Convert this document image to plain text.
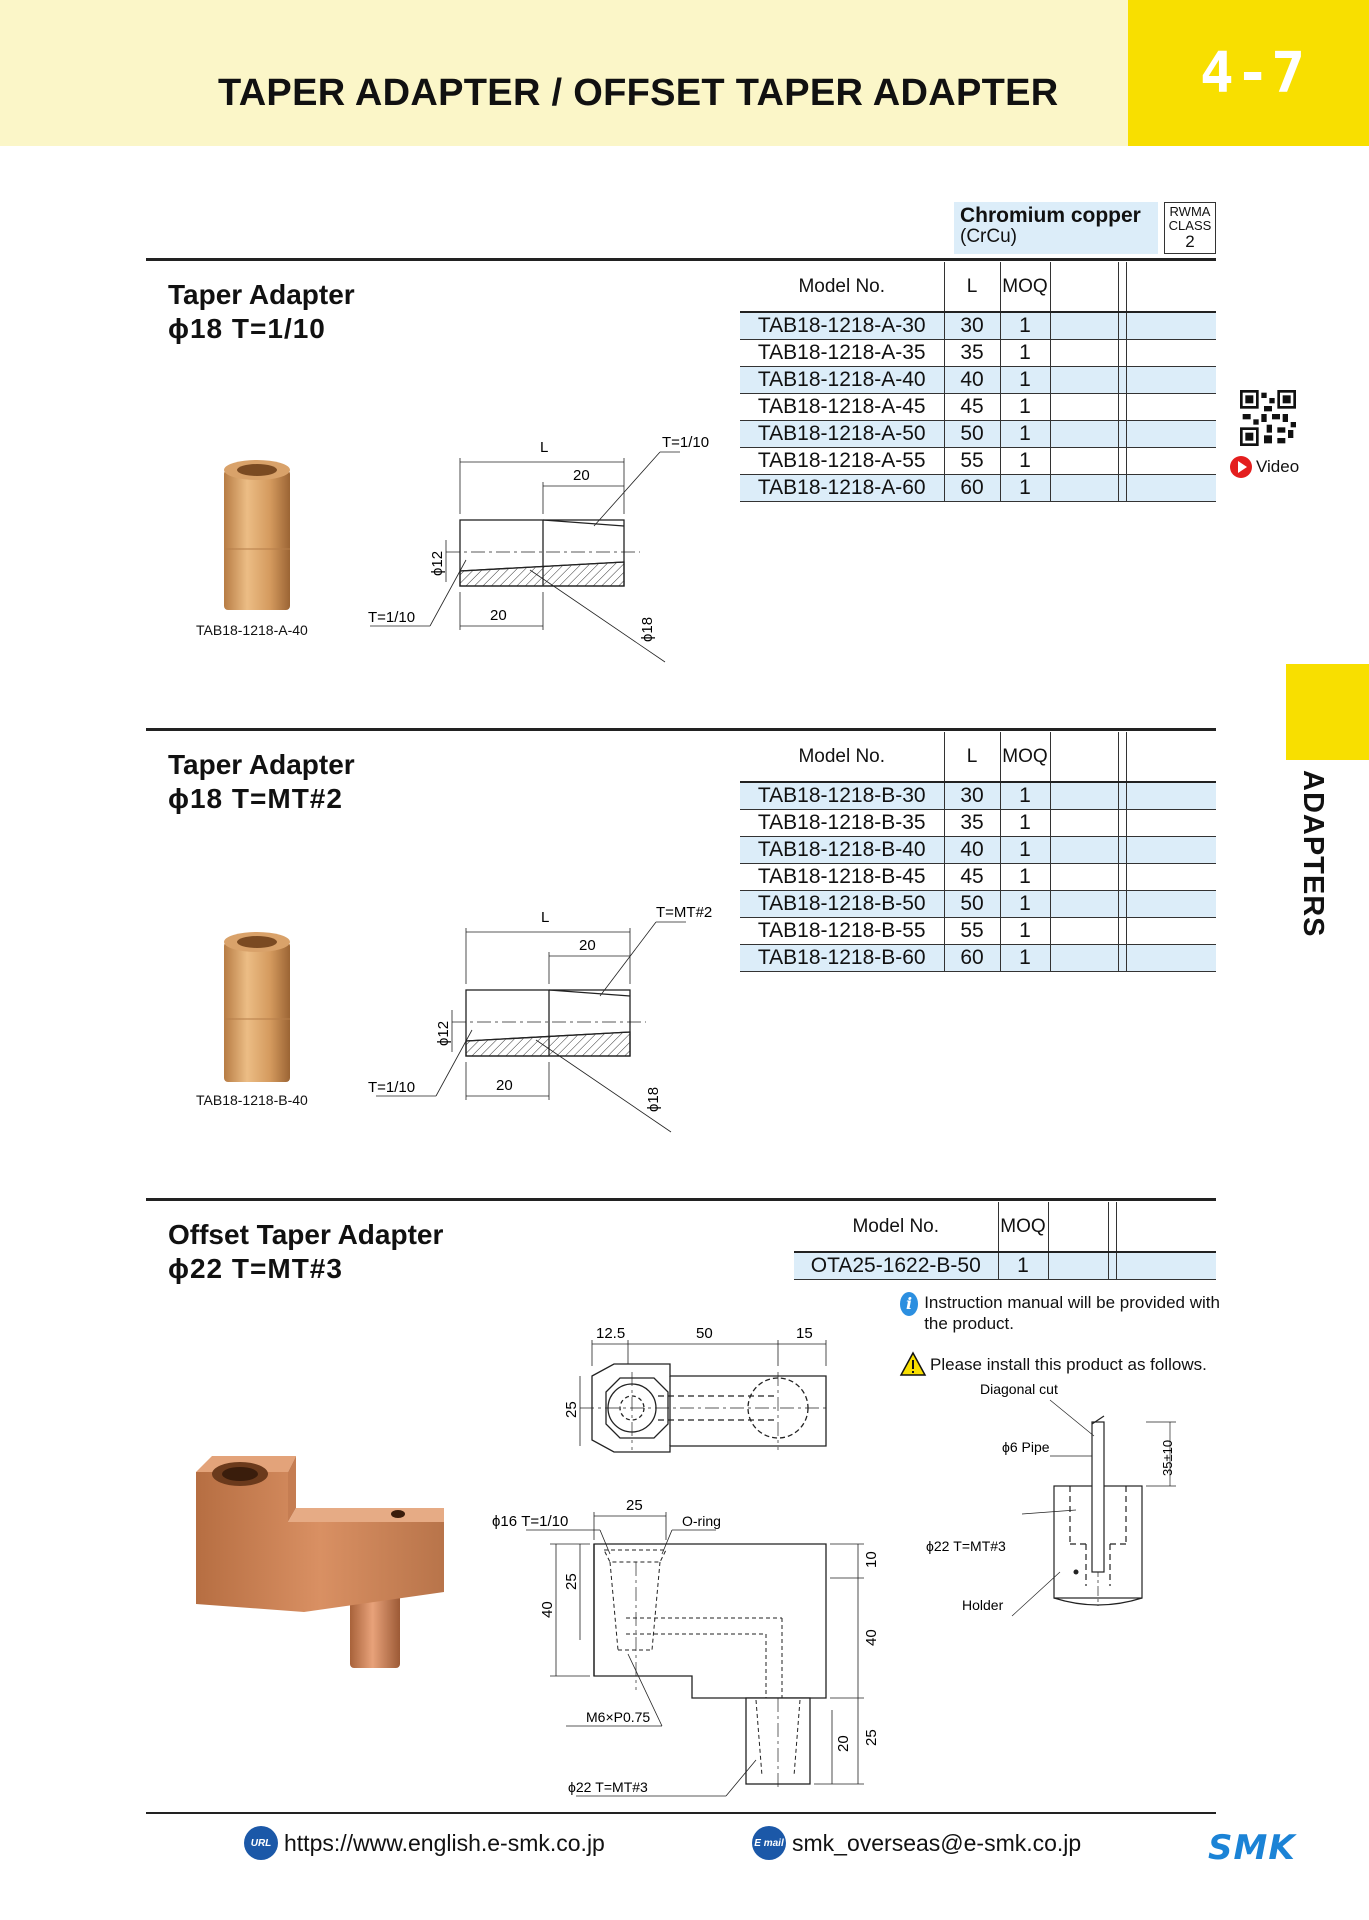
TAPER ADAPTER / OFFSET TAPER ADAPTER	4-7
ADAPTERS
Chromium copper
(CrCu)
RWMA
CLASS
2
Taper Adapter
ϕ18 T=1/10
Model No.	L	MOQ			
TAB18-1218-A-30	30	1			
TAB18-1218-A-35	35	1			
TAB18-1218-A-40	40	1			
TAB18-1218-A-45	45	1			
TAB18-1218-A-50	50	1			
TAB18-1218-A-55	55	1			
TAB18-1218-A-60	60	1			
Video
TAB18-1218-A-40
L
20
T=1/10
T=1/10	20
ϕ12
ϕ18
Taper Adapter
ϕ18 T=MT#2
Model No.	L	MOQ			
TAB18-1218-B-30	30	1			
TAB18-1218-B-35	35	1			
TAB18-1218-B-40	40	1			
TAB18-1218-B-45	45	1			
TAB18-1218-B-50	50	1			
TAB18-1218-B-55	55	1			
TAB18-1218-B-60	60	1			
TAB18-1218-B-40
L
20
T=MT#2
T=1/10	20
ϕ12
ϕ18
Offset Taper Adapter
ϕ22 T=MT#3
Model No.	MOQ			
OTA25-1622-B-50	1			
i Instruction manual will be provided with the product.
Please install this product as follows.
Diagonal cut
ϕ6 Pipe
ϕ22 T=MT#3
Holder
35±10
12.5	50	15
25
25
ϕ16 T=1/10	O-ring
40
25
10
40
20 25
M6×P0.75
ϕ22 T=MT#3
URL https://www.english.e-smk.co.jp	E mail smk_overseas@e-smk.co.jp	SMK
